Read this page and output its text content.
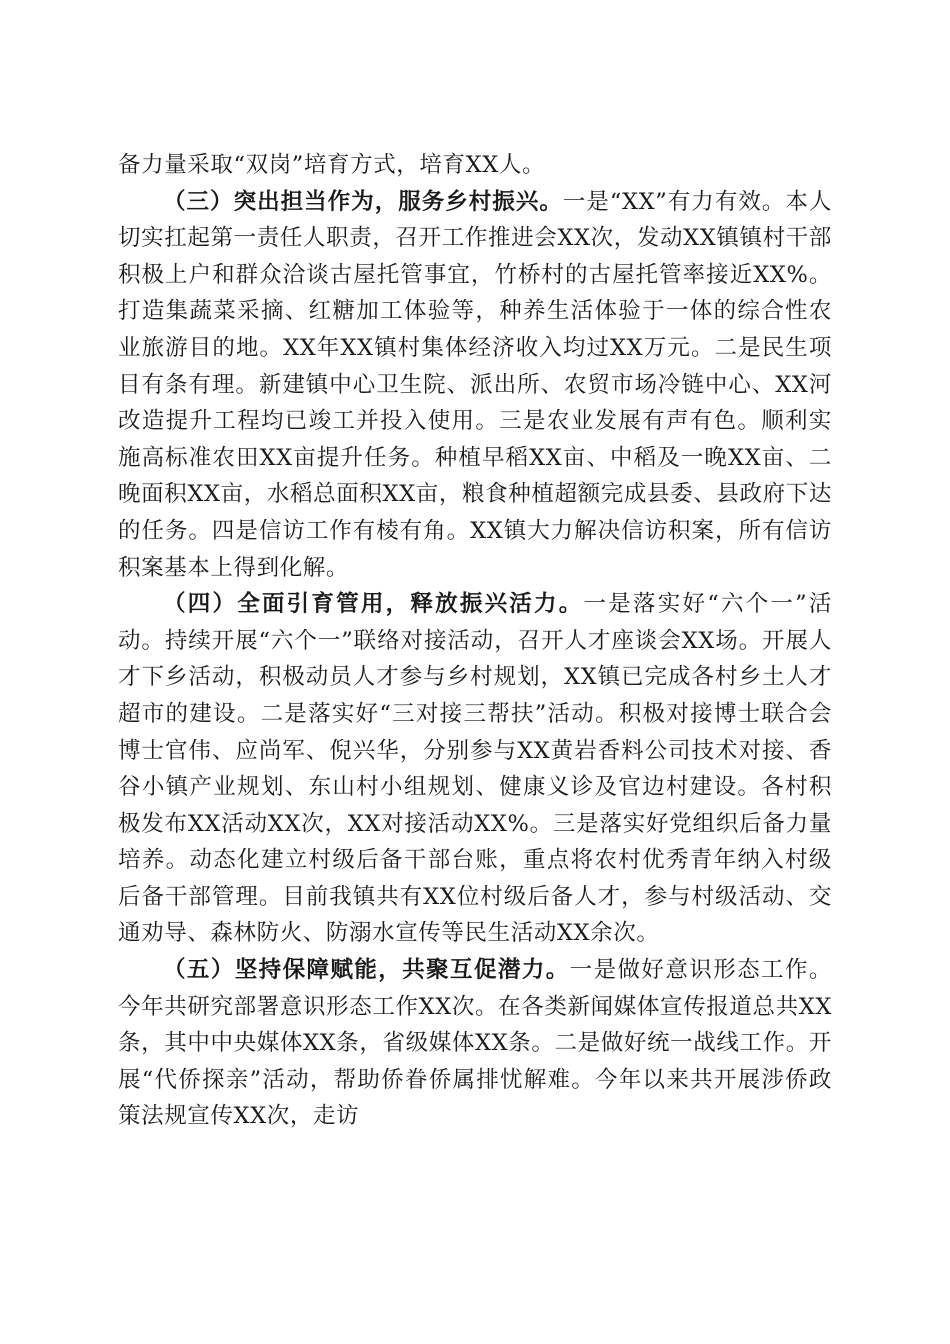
备力量采取“双岗”培育方式，培育XX人。

（三）突出担当作为，服务乡村振兴。一是“XX”有力有效。本人切实扛起第一责任人职责，召开工作推进会XX次，发动XX镇镇村干部积极上户和群众洽谈古屋托管事宜，竹桥村的古屋托管率接近XX%。打造集蔬菜采摘、红糖加工体验等，种养生活体验于一体的综合性农业旅游目的地。XX年XX镇村集体经济收入均过XX万元。二是民生项目有条有理。新建镇中心卫生院、派出所、农贸市场冷链中心、XX河改造提升工程均已竣工并投入使用。三是农业发展有声有色。顺利实施高标准农田XX亩提升任务。种植早稻XX亩、中稻及一晚XX亩、二晚面积XX亩，水稻总面积XX亩，粮食种植超额完成县委、县政府下达的任务。四是信访工作有棱有角。XX镇大力解决信访积案，所有信访积案基本上得到化解。

（四）全面引育管用，释放振兴活力。一是落实好“六个一”活动。持续开展“六个一”联络对接活动，召开人才座谈会XX场。开展人才下乡活动，积极动员人才参与乡村规划，XX镇已完成各村乡土人才超市的建设。二是落实好“三对接三帮扶”活动。积极对接博士联合会博士官伟、应尚军、倪兴华，分别参与XX黄岩香料公司技术对接、香谷小镇产业规划、东山村小组规划、健康义诊及官边村建设。各村积极发布XX活动XX次，XX对接活动XX%。三是落实好党组织后备力量培养。动态化建立村级后备干部台账，重点将农村优秀青年纳入村级后备干部管理。目前我镇共有XX位村级后备人才，参与村级活动、交通劝导、森林防火、防溺水宣传等民生活动XX余次。

（五）坚持保障赋能，共聚互促潜力。一是做好意识形态工作。今年共研究部署意识形态工作XX次。在各类新闻媒体宣传报道总共XX条，其中中央媒体XX条，省级媒体XX条。二是做好统一战线工作。开展“代侨探亲”活动，帮助侨眷侨属排忧解难。今年以来共开展涉侨政策法规宣传XX次，走访
